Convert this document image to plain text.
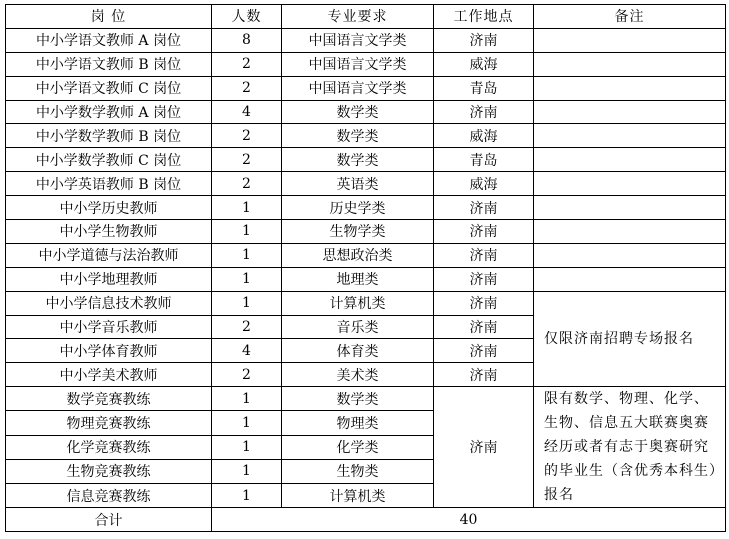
岗 位	人数	专业要求	工作地点	备注
中小学语文教师 A 岗位	8	中国语言文学类	济南	
中小学语文教师 B 岗位	2	中国语言文学类	威海	
中小学语文教师 C 岗位	2	中国语言文学类	青岛	
中小学数学教师 A 岗位	4	数学类	济南	
中小学数学教师 B 岗位	2	数学类	威海	
中小学数学教师 C 岗位	2	数学类	青岛	
中小学英语教师 B 岗位	2	英语类	威海	
中小学历史教师	1	历史学类	济南	
中小学生物教师	1	生物学类	济南	
中小学道德与法治教师	1	思想政治类	济南	
中小学地理教师	1	地理类	济南	
中小学信息技术教师	1	计算机类	济南	仅限济南招聘专场报名
中小学音乐教师	2	音乐类	济南	
中小学体育教师	4	体育类	济南	
中小学美术教师	2	美术类	济南	
数学竞赛教练	1	数学类	济南	限有数学、物理、化学、生物、信息五大联赛奥赛经历或者有志于奥赛研究的毕业生（含优秀本科生）报名
物理竞赛教练	1	物理类		
化学竞赛教练	1	化学类		
生物竞赛教练	1	生物类		
信息竞赛教练	1	计算机类		
合计	40			
